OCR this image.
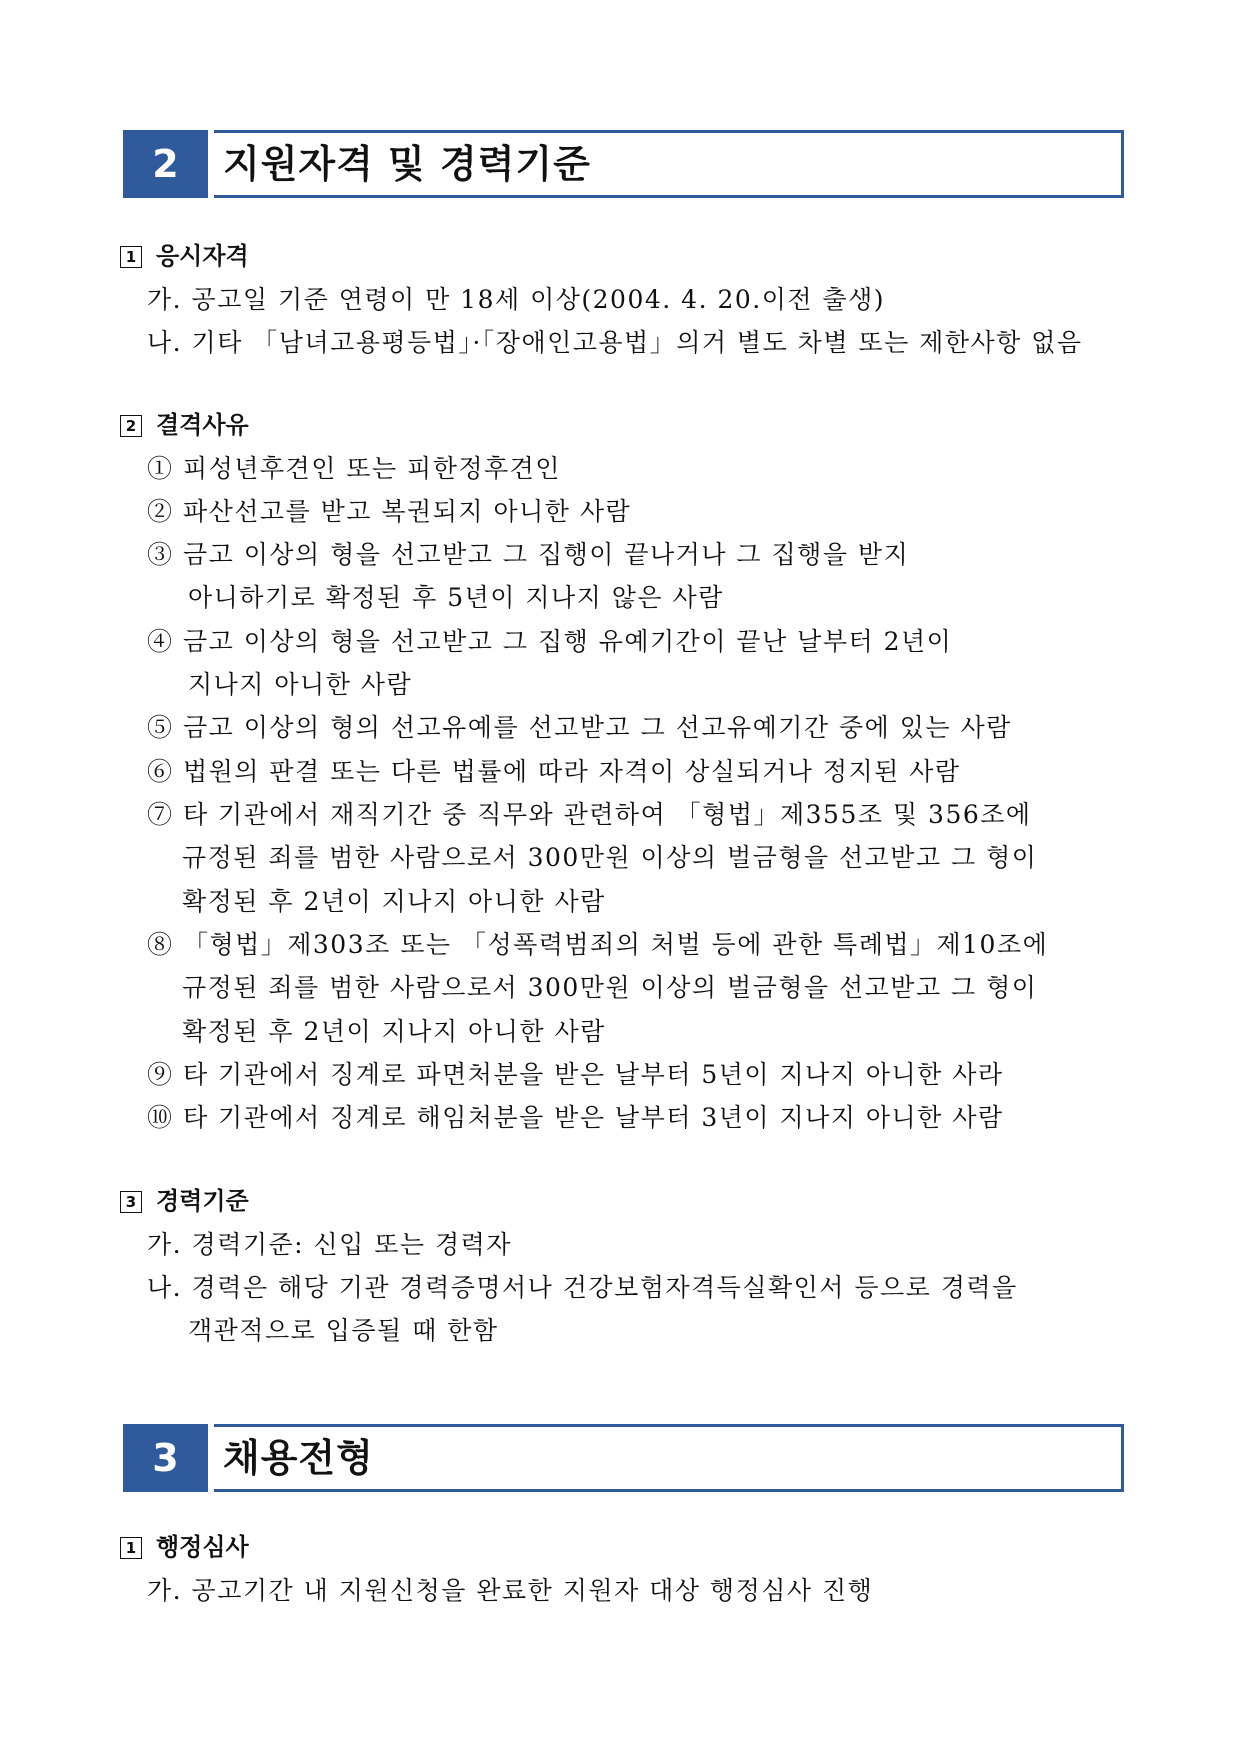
2	지원자격 및 경력기준
1 응시자격
가. 공고일 기준 연령이 만 18세 이상(2004. 4. 20.이전 출생)
나. 기타 「남녀고용평등법」·「장애인고용법」의거 별도 차별 또는 제한사항 없음
2 결격사유
① 피성년후견인 또는 피한정후견인
② 파산선고를 받고 복권되지 아니한 사람
③ 금고 이상의 형을 선고받고 그 집행이 끝나거나 그 집행을 받지
아니하기로 확정된 후 5년이 지나지 않은 사람
④ 금고 이상의 형을 선고받고 그 집행 유예기간이 끝난 날부터 2년이
지나지 아니한 사람
⑤ 금고 이상의 형의 선고유예를 선고받고 그 선고유예기간 중에 있는 사람
⑥ 법원의 판결 또는 다른 법률에 따라 자격이 상실되거나 정지된 사람
⑦ 타 기관에서 재직기간 중 직무와 관련하여 「형법」제355조 및 356조에
규정된 죄를 범한 사람으로서 300만원 이상의 벌금형을 선고받고 그 형이
확정된 후 2년이 지나지 아니한 사람
⑧ 「형법」제303조 또는 「성폭력범죄의 처벌 등에 관한 특례법」제10조에
규정된 죄를 범한 사람으로서 300만원 이상의 벌금형을 선고받고 그 형이
확정된 후 2년이 지나지 아니한 사람
⑨ 타 기관에서 징계로 파면처분을 받은 날부터 5년이 지나지 아니한 사라
⑩ 타 기관에서 징계로 해임처분을 받은 날부터 3년이 지나지 아니한 사람
3 경력기준
가. 경력기준: 신입 또는 경력자
나. 경력은 해당 기관 경력증명서나 건강보험자격득실확인서 등으로 경력을
객관적으로 입증될 때 한함
3	채용전형
1 행정심사
가. 공고기간 내 지원신청을 완료한 지원자 대상 행정심사 진행
